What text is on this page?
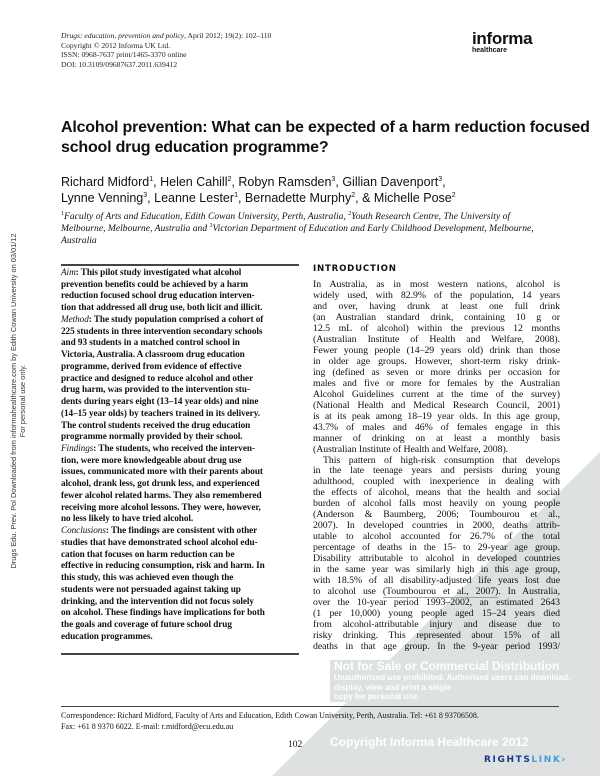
Not for Sale or Commercial Distribution
Unauthorized use prohibited. Authorised users can download,
display, view and print a single
copy for personal use.
Copyright Informa Healthcare 2012
Drugs: education, prevention and policy, April 2012; 19(2): 102–110
Copyright © 2012 Informa UK Ltd.
ISSN: 0968-7637 print/1465-3370 online
DOI: 10.3109/09687637.2011.639412
informa
healthcare
Alcohol prevention: What can be expected of a harm reduction focused school drug education programme?
Richard Midford$^1$, Helen Cahill$^2$, Robyn Ramsden$^3$, Gillian Davenport$^3$,
Lynne Venning$^3$, Leanne Lester$^1$, Bernadette Murphy$^2$, & Michelle Pose$^2$
$^1$Faculty of Arts and Education, Edith Cowan University, Perth, Australia, $^2$Youth Research Centre, The University of Melbourne, Melbourne, Australia and $^3$Victorian Department of Education and Early Childhood Development, Melbourne, Australia
Aim: This pilot study investigated what alcohol
prevention benefits could be achieved by a harm
reduction focused school drug education interven-
tion that addressed all drug use, both licit and illicit.
Method: The study population comprised a cohort of
225 students in three intervention secondary schools
and 93 students in a matched control school in
Victoria, Australia. A classroom drug education
programme, derived from evidence of effective
practice and designed to reduce alcohol and other
drug harm, was provided to the intervention stu-
dents during years eight (13–14 year olds) and nine
(14–15 year olds) by teachers trained in its delivery.
The control students received the drug education
programme normally provided by their school.
Findings: The students, who received the interven-
tion, were more knowledgeable about drug use
issues, communicated more with their parents about
alcohol, drank less, got drunk less, and experienced
fewer alcohol related harms. They also remembered
receiving more alcohol lessons. They were, however,
no less likely to have tried alcohol.
Conclusions: The findings are consistent with other
studies that have demonstrated school alcohol edu-
cation that focuses on harm reduction can be
effective in reducing consumption, risk and harm. In
this study, this was achieved even though the
students were not persuaded against taking up
drinking, and the intervention did not focus solely
on alcohol. These findings have implications for both
the goals and coverage of future school drug
education programmes.
INTRODUCTION
In Australia, as in most western nations, alcohol is
widely used, with 82.9% of the population, 14 years
and over, having drunk at least one full drink
(an Australian standard drink, containing 10 g or
12.5 mL of alcohol) within the previous 12 months
(Australian Institute of Health and Welfare, 2008).
Fewer young people (14–29 years old) drink than those
in older age groups. However, short-term risky drink-
ing (defined as seven or more drinks per occasion for
males and five or more for females by the Australian
Alcohol Guidelines current at the time of the survey)
(National Health and Medical Research Council, 2001)
is at its peak among 18–19 year olds. In this age group,
43.7% of males and 46% of females engage in this
manner of drinking on at least a monthly basis
(Australian Institute of Health and Welfare, 2008).
This pattern of high-risk consumption that develops
in the late teenage years and persists during young
adulthood, coupled with inexperience in dealing with
the effects of alcohol, means that the health and social
burden of alcohol falls most heavily on young people
(Anderson & Baumberg, 2006; Toumbourou et al.,
2007). In developed countries in 2000, deaths attrib-
utable to alcohol accounted for 26.7% of the total
percentage of deaths in the 15- to 29-year age group.
Disability attributable to alcohol in developed countries
in the same year was similarly high in this age group,
with 18.5% of all disability-adjusted life years lost due
to alcohol use (Toumbourou et al., 2007). In Australia,
over the 10-year period 1993–2002, an estimated 2643
(1 per 10,000) young people aged 15–24 years died
from alcohol-attributable injury and disease due to
risky drinking. This represented about 15% of all
deaths in that age group. In the 9-year period 1993/
Drugs Edu. Prev. Pol Downloaded from informahealthcare.com by Edith Cowan University on 03/01/12 For personal use only.
Correspondence: Richard Midford, Faculty of Arts and Education, Edith Cowan University, Perth, Australia. Tel: +61 8 93706508.
Fax: +61 8 9370 6022. E-mail: r.midford@ecu.edu.au
102
RIGHTSLINK›
